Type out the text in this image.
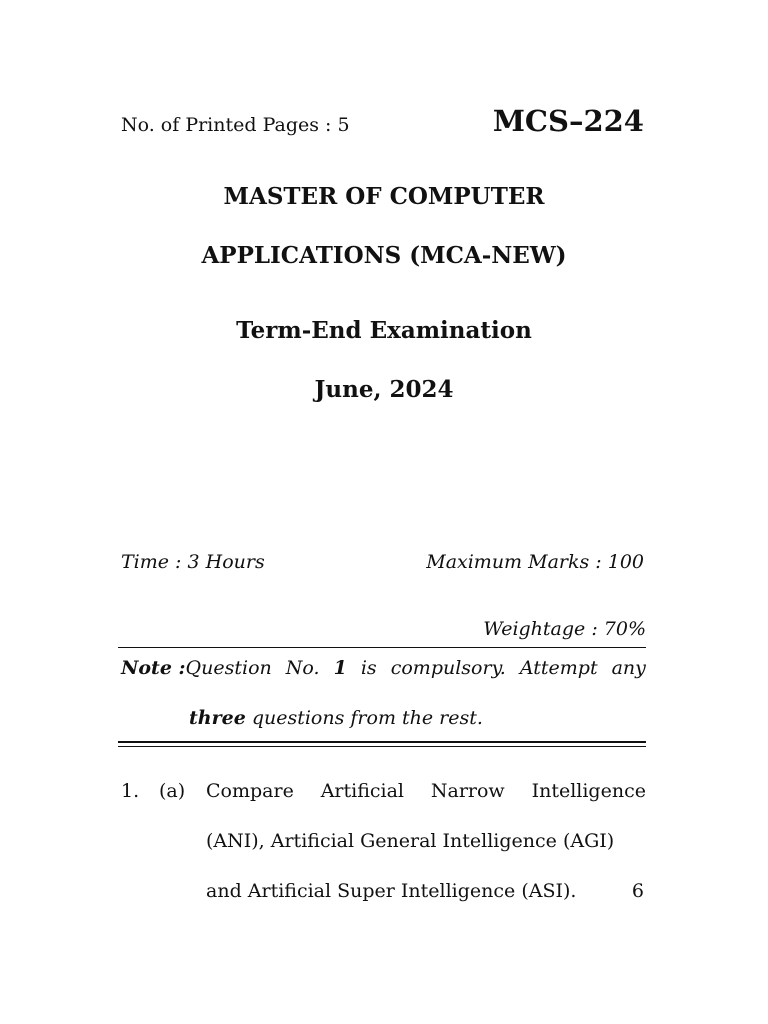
No. of Printed Pages : 5	MCS–224
MASTER OF COMPUTER
APPLICATIONS (MCA-NEW)
Term-End Examination
June, 2024
Time : 3 Hours	Maximum Marks : 100
Weightage : 70%
Note :Question No. 1 is compulsory. Attempt any
three questions from the rest.
1. (a) Compare Artificial Narrow Intelligence
(ANI), Artificial General Intelligence (AGI)
and Artificial Super Intelligence (ASI).	6
